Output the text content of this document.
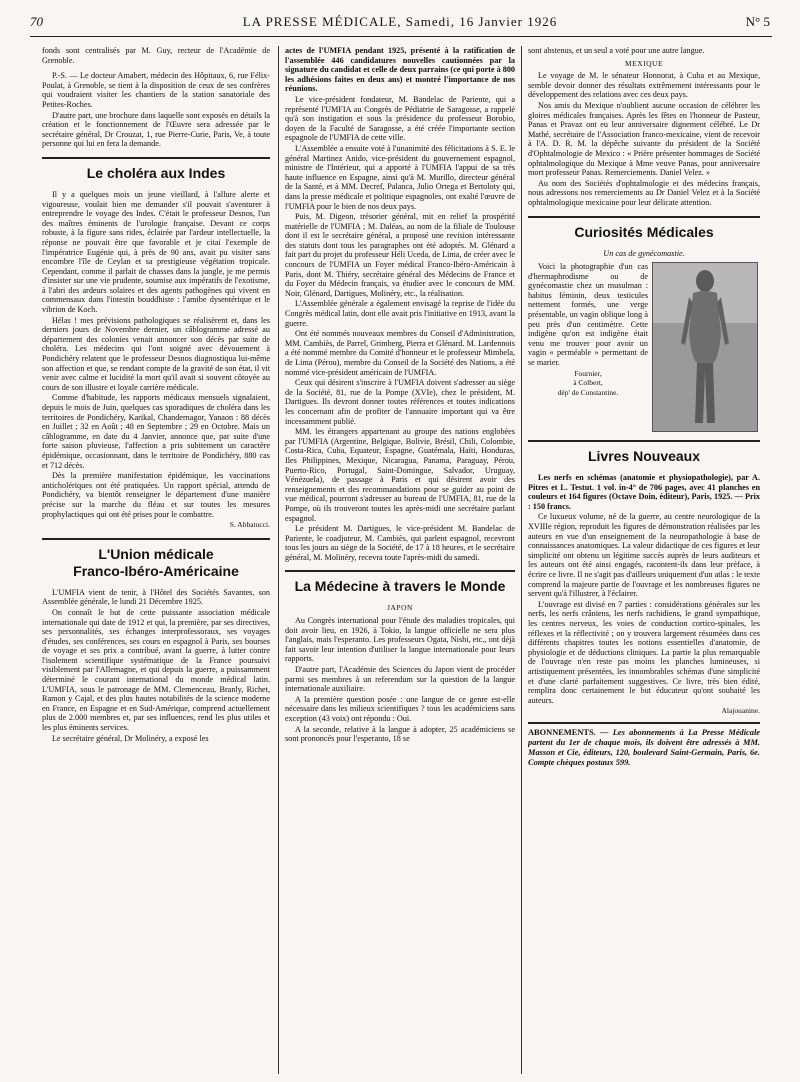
70	LA PRESSE MÉDICALE, Samedi, 16 Janvier 1926	N° 5

fonds sont centralisés par M. Guy, recteur de l'Académie de Grenoble.

P.-S. — Le docteur Amabert, médecin des Hôpitaux, 6, rue Félix-Poulat, à Grenoble, se tient à la disposition de ceux de ses confrères qui voudraient visiter les chantiers de la station sanatoriale des Petites-Roches.

D'autre part, une brochure dans laquelle sont exposés en détails la création et le fonctionnement de l'Œuvre sera adressée par le secrétaire général, Dr Crouzat, 1, rue Pierre-Curie, Paris, Ve, à toute personne qui lui en fera la demande.

Le choléra aux Indes

Il y a quelques mois un jeune vieillard, à l'allure alerte et vigoureuse, voulait bien me demander s'il pouvait s'aventurer à entreprendre le voyage des Indes. C'était le professeur Desnos, l'un des maîtres éminents de l'urologie française. Devant ce corps robuste, à la figure sans rides, éclairée par l'ardeur intellectuelle, la réponse ne pouvait être que favorable et je citai l'exemple de l'impératrice Eugénie qui, à près de 90 ans, avait pu visiter sans encombre l'île de Ceylan et sa prestigieuse végétation tropicale. Cependant, comme il parlait de chasses dans la jungle, je me permis d'insister sur une vie prudente, soumise aux impératifs de l'exotisme, à l'abri des ardeurs solaires et des agents pathogènes qui vivent en commensaux dans l'intestin bouddhiste : l'amibe dysentérique et le vibrion de Koch.

Hélas ! mes prévisions pathologiques se réalisèrent et, dans les derniers jours de Novembre dernier, un câblogramme adressé au département des colonies venait annoncer son décès par suite de choléra. Les médecins qui l'ont soigné avec dévouement à Pondichéry relatent que le professeur Desnos diagnostiqua lui-même son affection et que, se rendant compte de la gravité de son état, il vit venir avec calme et lucidité la mort qu'il avait si souvent côtoyée au cours de son illustre et loyale carrière médicale.

Comme d'habitude, les rapports médicaux mensuels signalaient, depuis le mois de Juin, quelques cas sporadiques de choléra dans les territoires de Pondichéry, Karikal, Chandernagor, Yanaon : 88 décès en Juillet ; 32 en Août ; 48 en Septembre ; 29 en Octobre. Mais un câblogramme, en date du 4 Janvier, annonce que, par suite d'une forte saison pluvieuse, l'affection a pris subitement un caractère épidémique, occasionnant, dans le territoire de Pondichéry, 880 cas et 712 décès.

Dès la première manifestation épidémique, les vaccinations anticholériques ont été pratiquées. Un rapport spécial, attendu de Pondichéry, va bientôt renseigner le département d'une manière précise sur la marche du fléau et sur toutes les mesures prophylactiques qui ont été prises pour le combattre.

S. Abbatucci.
L'Union médicale
Franco-Ibéro-Américaine

L'UMFIA vient de tenir, à l'Hôtel des Sociétés Savantes, son Assemblée générale, le lundi 21 Décembre 1925.

On connaît le but de cette puissante association médicale internationale qui date de 1912 et qui, la première, par ses directives, ses personnalités, ses échanges interprofessoraux, ses voyages d'études, ses conférences, ses cours en espagnol à Paris, ses bourses de voyage et ses prix a contribué, avant la guerre, à lutter contre l'isolement scientifique systématique de la France poursuivi visiblement par l'Allemagne, et qui depuis la guerre, a puissamment déterminé le courant international du monde médical latin. L'UMFIA, sous le patronage de MM. Clemenceau, Branly, Richet, Ramon y Cajal, et des plus hautes notabilités de la science moderne en France, en Espagne et en Sud-Amérique, comprend actuellement plus de 2.000 membres et, par ses influences, rend les plus utiles et les plus éminents services.

Le secrétaire général, Dr Molinéry, a exposé les

actes de l'UMFIA pendant 1925, présenté à la ratification de l'assemblée 446 candidatures nouvelles cautionnées par la signature du candidat et celle de deux parrains (ce qui porte à 800 les adhésions faites en deux ans) et montré l'importance de nos réunions.

Le vice-président fondateur, M. Bandelac de Pariente, qui a représenté l'UMFIA au Congrès de Pédiatrie de Saragosse, a rappelé qu'à son instigation et sous la présidence du professeur Borobio, doyen de la Faculté de Saragosse, a été créée l'importante section espagnole de l'UMFIA de cette ville.

L'Assemblée a ensuite voté à l'unanimité des félicitations à S. E. le général Martinez Anido, vice-président du gouvernement espagnol, ministre de l'Intérieur, qui a apporté à l'UMFIA l'appui de sa très haute influence en Espagne, ainsi qu'à M. Murillo, directeur général de la Santé, et à MM. Decref, Palanca, Julio Ortega et Bertoloty qui, dans la presse médicale et politique espagnoles, ont exalté l'œuvre de l'UMFIA pour le bien de nos deux pays.

Puis, M. Digeon, trésorier général, mit en relief la prospérité matérielle de l'UMFIA ; M. Daléas, au nom de la filiale de Toulouse dont il est le secrétaire général, a proposé une revision intéressante des statuts dont tous les paragraphes ont été adoptés. M. Glénard a fait part du projet du professeur Héli Uceda, de Lima, de créer avec le concours de l'UMFIA un Foyer médical Franco-Ibéro-Américain à Paris, dont M. Thiéry, secrétaire général des Médecins de France et du Foyer du Médecin français, va étudier avec le concours de MM. Noir, Glénard, Dartigues, Molinéry, etc., la réalisation.

L'Assemblée générale a également envisagé la reprise de l'idée du Congrès médical latin, dont elle avait pris l'initiative en 1913, avant la guerre.

Ont été nommés nouveaux membres du Conseil d'Administration, MM. Cambiès, de Parrel, Grimberg, Pierra et Glénard. M. Lardennois a été nommé membre du Comité d'honneur et le professeur Mimbela, de Lima (Pérou), membre du Conseil de la Société des Nations, a été nommé vice-président américain de l'UMFIA.

Ceux qui désirent s'inscrire à l'UMFIA doivent s'adresser au siège de la Société, 81, rue de la Pompe (XVIe), chez le président, M. Dartigues. Ils devront donner toutes références et toutes indications les concernant afin de profiter de l'annuaire important qui va être incessamment publié.

MM. les étrangers appartenant au groupe des nations englobées par l'UMFIA (Argentine, Belgique, Bolivie, Brésil, Chili, Colombie, Costa-Rica, Cuba, Equateur, Espagne, Guatémala, Haïti, Honduras, Iles Philippines, Mexique, Nicaragua, Panama, Paraguay, Pérou, Puerto-Rico, Portugal, Saint-Domingue, Salvador, Uruguay, Vénézuela), de passage à Paris et qui désirent avoir des renseignements et des recommandations pour se guider au point de vue médical, pourront s'adresser au bureau de l'UMFIA, 81, rue de la Pompe, où ils trouveront toutes les après-midi une secrétaire parlant espagnol.

Le président M. Dartigues, le vice-président M. Bandelac de Pariente, le coadjuteur, M. Cambiès, qui parlent espagnol, recevront tous les jours au siège de la Société, de 17 à 18 heures, et le secrétaire général, M. Molinéry, recevra toute l'après-midi du samedi.

La Médecine à travers le Monde
JAPON

Au Congrès international pour l'étude des maladies tropicales, qui doit avoir lieu, en 1926, à Tokio, la langue officielle ne sera plus l'anglais, mais l'esperanto. Les professeurs Ogata, Nishi, etc., ont déjà fait savoir leur intention d'utiliser la langue internationale pour leurs rapports.

D'autre part, l'Académie des Sciences du Japon vient de procéder parmi ses membres à un referendum sur la question de la langue internationale auxiliaire.

A la première question posée : une langue de ce genre est-elle nécessaire dans les milieux scientifiques ? tous les académiciens sans exception (43 voix) ont répondu : Oui.

A la seconde, relative à la langue à adopter, 25 académiciens se sont prononcés pour l'esperanto, 18 se

sont abstenus, et un seul a voté pour une autre langue.

MEXIQUE

Le voyage de M. le sénateur Honnorat, à Cuba et au Mexique, semble devoir donner des résultats extrêmement intéressants pour le développement des relations avec ces deux pays.

Nos amis du Mexique n'oublient aucune occasion de célébrer les gloires médicales françaises. Après les fêtes en l'honneur de Pasteur, Panas et Pravaz ont eu leur anniversaire dignement célébré. Le Dr Mathé, secrétaire de l'Association franco-mexicaine, vient de recevoir à l'A. D. R. M. la dépêche suivante du président de la Société d'Ophtalmologie de Mexico : « Prière présenter hommages de Société ophtalmologique du Mexique à Mme veuve Panas, pour anniversaire mort professeur Panas. Remerciements. Daniel Velez. »

Au nom des Sociétés d'ophtalmologie et des médecins français, nous adressons nos remerciements au Dr Daniel Velez et à la Société ophtalmologique mexicaine pour leur délicate attention.

Curiosités Médicales
Un cas de gynécomastie.

Voici la photographie d'un cas d'hermaphrodisme ou de gynécomastie chez un musulman : habitus féminin, deux testicules nettement formés, une verge présentable, un vagin oblique long à peu près d'un centimètre. Cette indigène qu'on est indigène était venu me trouver pour avoir un vagin « perméable » permettant de se marier.

Fournier,
à Colbert,
dép' de Constantine.
Livres Nouveaux

Les nerfs en schémas (anatomie et physiopathologie), par A. Pitres et L. Testut. 1 vol. in-4° de 706 pages, avec 41 planches en couleurs et 164 figures (Octave Doin, éditeur), Paris, 1925. — Prix : 150 francs.

Ce luxueux volume, né de la guerre, au centre neurologique de la XVIIIe région, reproduit les figures de démonstration réalisées par les auteurs en vue d'un enseignement de la neuropathologie à base de connaissances anatomiques. La valeur didactique de ces figures et leur simplicité ont obtenu un légitime succès auprès de leurs auditeurs et les auteurs ont été ainsi engagés, racontent-ils dans leur préface, à écrire ce livre. Il ne s'agit pas d'ailleurs uniquement d'un atlas : le texte comprend la majeure partie de l'ouvrage et les nombreuses figures ne servent qu'à l'illustrer, à l'éclairer.

L'ouvrage est divisé en 7 parties : considérations générales sur les nerfs, les nerfs crâniens, les nerfs rachidiens, le grand sympathique, les centres nerveux, les voies de conduction cortico-spinales, les réflexes et la réflectivité ; on y trouvera largement résumées dans ces différents chapitres toutes les notions essentielles d'anatomie, de physiologie et de déductions cliniques. La partie la plus remarquable de l'ouvrage n'en reste pas moins les planches lumineuses, si artistiquement présentées, les innombrables schémas d'une simplicité et d'une clarté parfaitement suggestives. Ce livre, très bien édité, remplira donc certainement le but éducateur qu'ont souhaité les auteurs.

Alajouanine.
ABONNEMENTS. — Les abonnements à La Presse Médicale partent du 1er de chaque mois, ils doivent être adressés à MM. Masson et Cie, éditeurs, 120, boulevard Saint-Germain, Paris, 6e. Compte chèques postaux 599.
